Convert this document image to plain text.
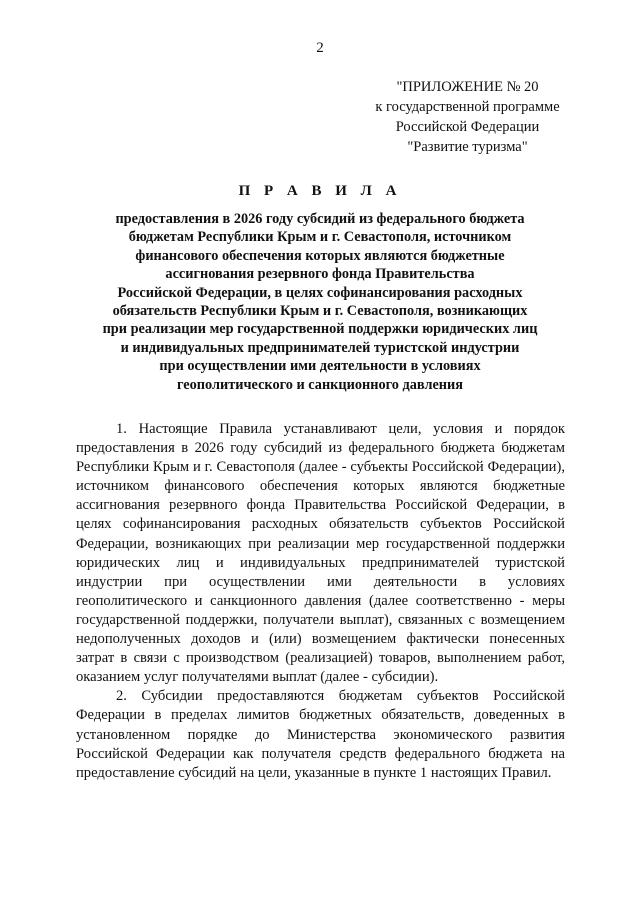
2
"ПРИЛОЖЕНИЕ № 20
к государственной программе
Российской Федерации
"Развитие туризма"
П Р А В И Л А
предоставления в 2026 году субсидий из федерального бюджета
бюджетам Республики Крым и г. Севастополя, источником
финансового обеспечения которых являются бюджетные
ассигнования резервного фонда Правительства
Российской Федерации, в целях софинансирования расходных
обязательств Республики Крым и г. Севастополя, возникающих
при реализации мер государственной поддержки юридических лиц
и индивидуальных предпринимателей туристской индустрии
при осуществлении ими деятельности в условиях
геополитического и санкционного давления

1. Настоящие Правила устанавливают цели, условия и порядок предоставления в 2026 году субсидий из федерального бюджета бюджетам Республики Крым и г. Севастополя (далее - субъекты Российской Федерации), источником финансового обеспечения которых являются бюджетные ассигнования резервного фонда Правительства Российской Федерации, в целях софинансирования расходных обязательств субъектов Российской Федерации, возникающих при реализации мер государственной поддержки юридических лиц и индивидуальных предпринимателей туристской индустрии при осуществлении ими деятельности в условиях геополитического и санкционного давления (далее соответственно - меры государственной поддержки, получатели выплат), связанных с возмещением недополученных доходов и (или) возмещением фактически понесенных затрат в связи с производством (реализацией) товаров, выполнением работ, оказанием услуг получателями выплат (далее - субсидии).

2. Субсидии предоставляются бюджетам субъектов Российской Федерации в пределах лимитов бюджетных обязательств, доведенных в установленном порядке до Министерства экономического развития Российской Федерации как получателя средств федерального бюджета на предоставление субсидий на цели, указанные в пункте 1 настоящих Правил.
